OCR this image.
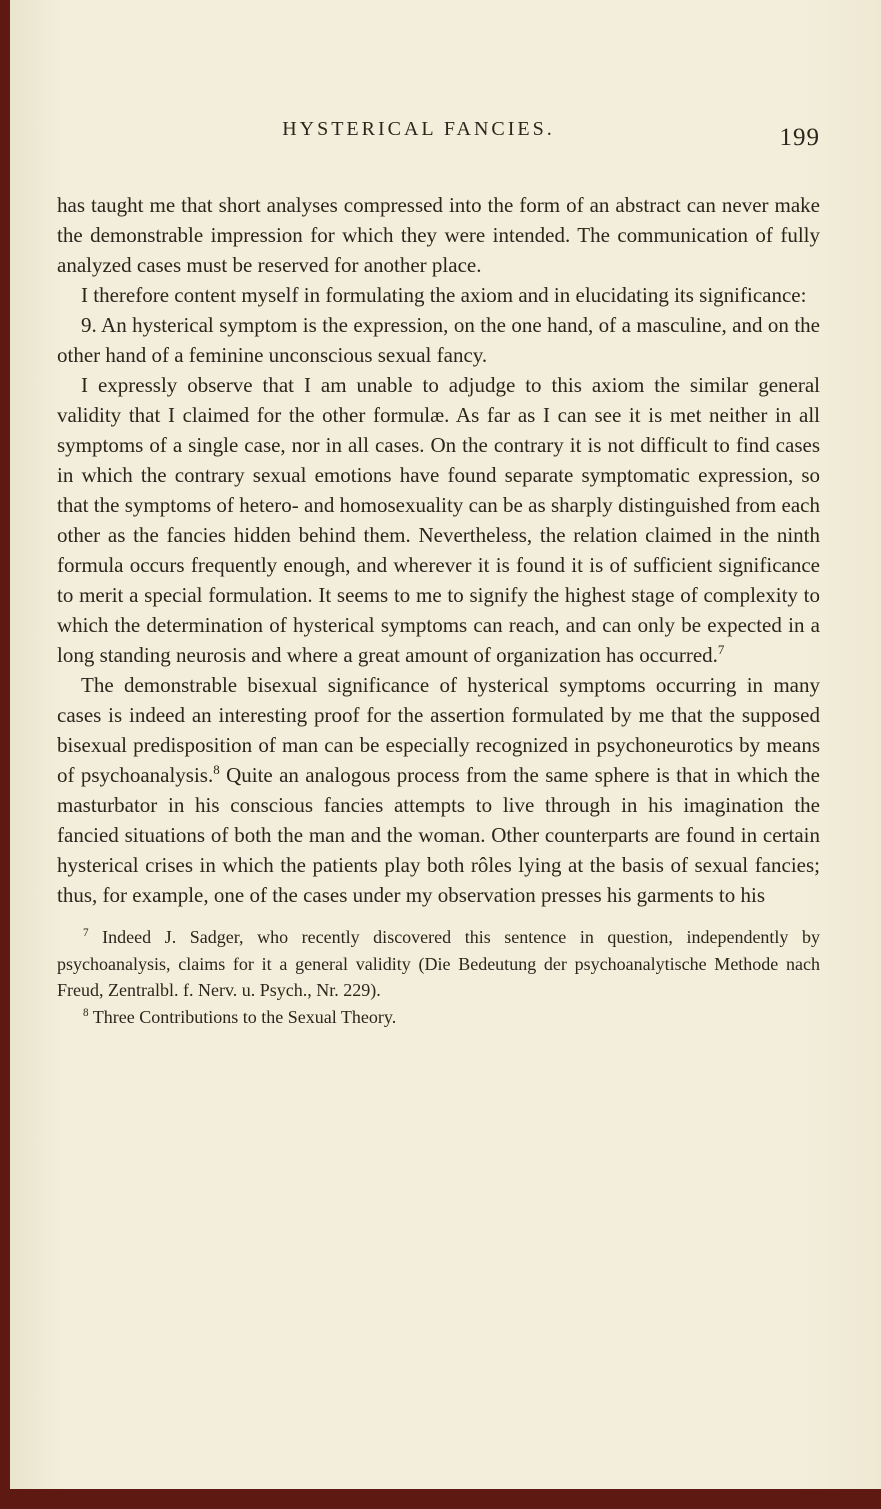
HYSTERICAL FANCIES.	199

has taught me that short analyses compressed into the form of an abstract can never make the demonstrable impression for which they were intended. The communication of fully analyzed cases must be reserved for another place.

I therefore content myself in formulating the axiom and in elucidating its significance:

9. An hysterical symptom is the expression, on the one hand, of a masculine, and on the other hand of a feminine unconscious sexual fancy.

I expressly observe that I am unable to adjudge to this axiom the similar general validity that I claimed for the other formulæ. As far as I can see it is met neither in all symptoms of a single case, nor in all cases. On the contrary it is not difficult to find cases in which the contrary sexual emotions have found separate symptomatic expression, so that the symptoms of hetero- and homosexuality can be as sharply distinguished from each other as the fancies hidden behind them. Nevertheless, the relation claimed in the ninth formula occurs frequently enough, and wherever it is found it is of sufficient significance to merit a special formulation. It seems to me to signify the highest stage of complexity to which the determination of hysterical symptoms can reach, and can only be expected in a long standing neurosis and where a great amount of organization has occurred.$^7$

The demonstrable bisexual significance of hysterical symptoms occurring in many cases is indeed an interesting proof for the assertion formulated by me that the supposed bisexual predisposition of man can be especially recognized in psychoneurotics by means of psychoanalysis.$^8$ Quite an analogous process from the same sphere is that in which the masturbator in his conscious fancies attempts to live through in his imagination the fancied situations of both the man and the woman. Other counterparts are found in certain hysterical crises in which the patients play both rôles lying at the basis of sexual fancies; thus, for example, one of the cases under my observation presses his garments to his

$^7$ Indeed J. Sadger, who recently discovered this sentence in question, independently by psychoanalysis, claims for it a general validity (Die Bedeutung der psychoanalytische Methode nach Freud, Zentralbl. f. Nerv. u. Psych., Nr. 229).

$^8$ Three Contributions to the Sexual Theory.
